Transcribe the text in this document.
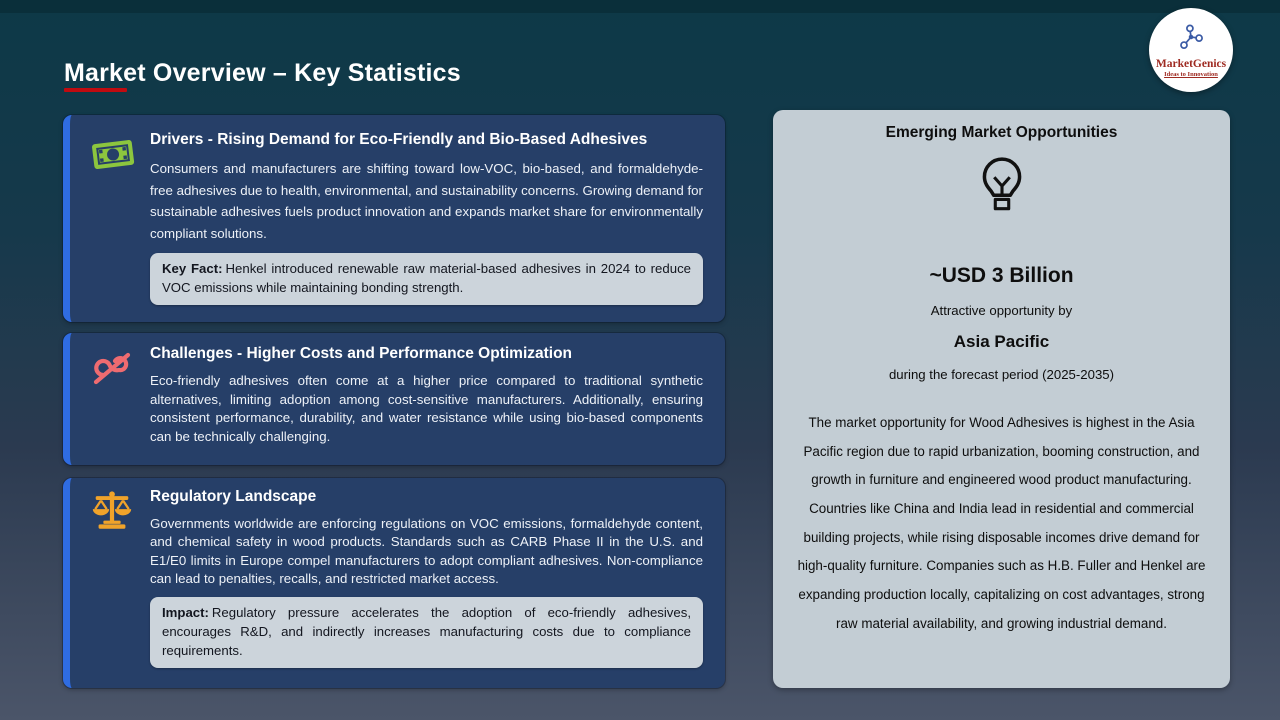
Market Overview – Key Statistics	MarketGenics
Ideas to Innovation
Drivers - Rising Demand for Eco-Friendly and Bio-Based Adhesives

Consumers and manufacturers are shifting toward low-VOC, bio-based, and formaldehyde-free adhesives due to health, environmental, and sustainability concerns. Growing demand for sustainable adhesives fuels product innovation and expands market share for environmentally compliant solutions.

Key Fact: Henkel introduced renewable raw material-based adhesives in 2024 to reduce VOC emissions while maintaining bonding strength.
Challenges - Higher Costs and Performance Optimization

Eco-friendly adhesives often come at a higher price compared to traditional synthetic alternatives, limiting adoption among cost-sensitive manufacturers. Additionally, ensuring consistent performance, durability, and water resistance while using bio-based components can be technically challenging.

Regulatory Landscape

Governments worldwide are enforcing regulations on VOC emissions, formaldehyde content, and chemical safety in wood products. Standards such as CARB Phase II in the U.S. and E1/E0 limits in Europe compel manufacturers to adopt compliant adhesives. Non-compliance can lead to penalties, recalls, and restricted market access.

Impact: Regulatory pressure accelerates the adoption of eco-friendly adhesives, encourages R&D, and indirectly increases manufacturing costs due to compliance requirements.
Emerging Market Opportunities
~USD 3 Billion
Attractive opportunity by
Asia Pacific
during the forecast period (2025-2035)
The market opportunity for Wood Adhesives is highest in the Asia Pacific region due to rapid urbanization, booming construction, and growth in furniture and engineered wood product manufacturing. Countries like China and India lead in residential and commercial building projects, while rising disposable incomes drive demand for high-quality furniture. Companies such as H.B. Fuller and Henkel are expanding production locally, capitalizing on cost advantages, strong raw material availability, and growing industrial demand.
